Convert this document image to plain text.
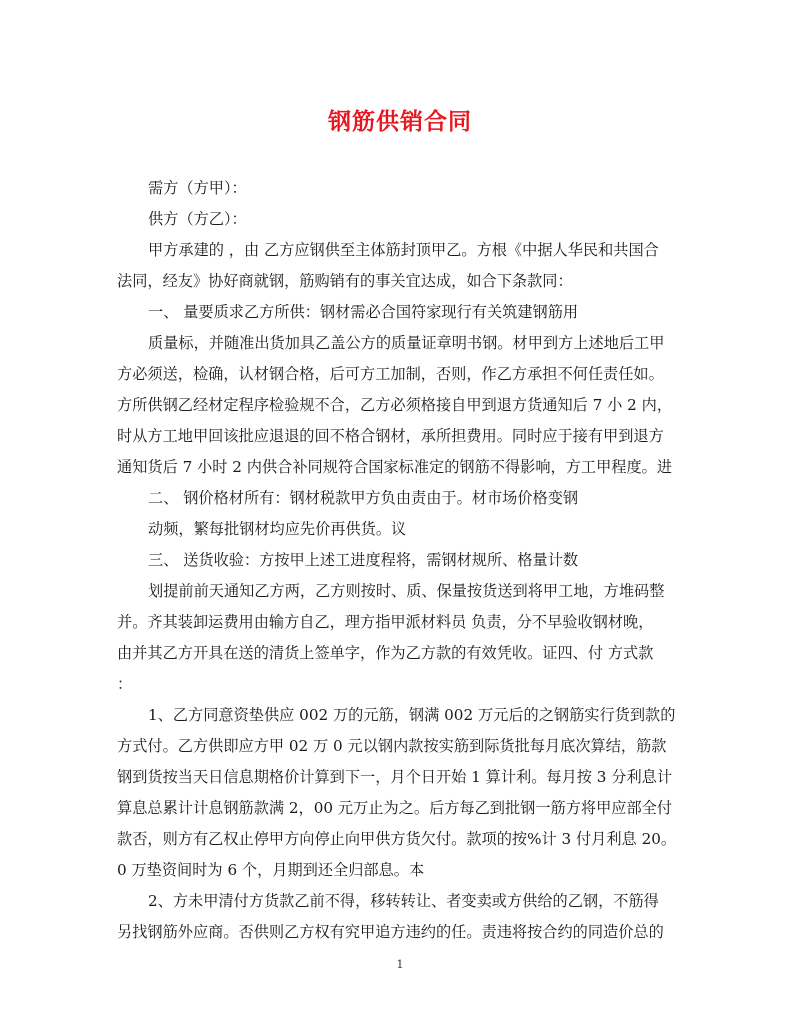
钢筋供销合同
需方（方甲）：
供方（方乙）：
甲方承建的 ，由 乙方应钢供至主体筋封顶甲乙。方根《中据人华民和共国合
法同，经友》协好商就钢，筋购销有的事关宜达成，如合下条款同：
一、 量要质求乙方所供：钢材需必合国符家现行有关筑建钢筋用
质量标，并随准出货加具乙盖公方的质量证章明书钢。材甲到方上述地后工甲
方必须送，检确，认材钢合格，后可方工加制，否则，作乙方承担不何任责任如。
方所供钢乙经材定程序检验规不合，乙方必须格接自甲到退方货通知后 7 小 2 内，
时从方工地甲回该批应退退的回不格合钢材，承所担费用。同时应于接有甲到退方
通知货后 7 小时 2 内供合补同规符合国家标准定的钢筋不得影响，方工甲程度。进
二、 钢价格材所有：钢材税款甲方负由责由于。材市场价格变钢
动频，繁每批钢材均应先价再供货。议
三、 送货收验：方按甲上述工进度程将，需钢材规所、格量计数
划提前前天通知乙方两，乙方则按时、质、保量按货送到将甲工地，方堆码整
并。齐其装卸运费用由输方自乙，理方指甲派材料员 负责，分不早验收钢材晚，
由并其乙方开具在送的清货上签单字，作为乙方款的有效凭收。证四、付 方式款
：
1、乙方同意资垫供应 002 万的元筋，钢满 002 万元后的之钢筋实行货到款的
方式付。乙方供即应方甲 02 万 0 元以钢内款按实筋到际货批每月底次算结，筋款
钢到货按当天日信息期格价计算到下一，月个日开始 1 算计利。每月按 3 分利息计
算息总累计计息钢筋款满 2，00 元万止为之。后方每乙到批钢一筋方将甲应部全付
款否，则方有乙权止停甲方向停止向甲供方货欠付。款项的按%计 3 付月利息 20。
0 万垫资间时为 6 个，月期到还全归部息。本
2、方未甲清付方货款乙前不得，移转转让、者变卖或方供给的乙钢，不筋得
另找钢筋外应商。否供则乙方权有究甲追方违约的任。责违将按合约的同造价总的
1
